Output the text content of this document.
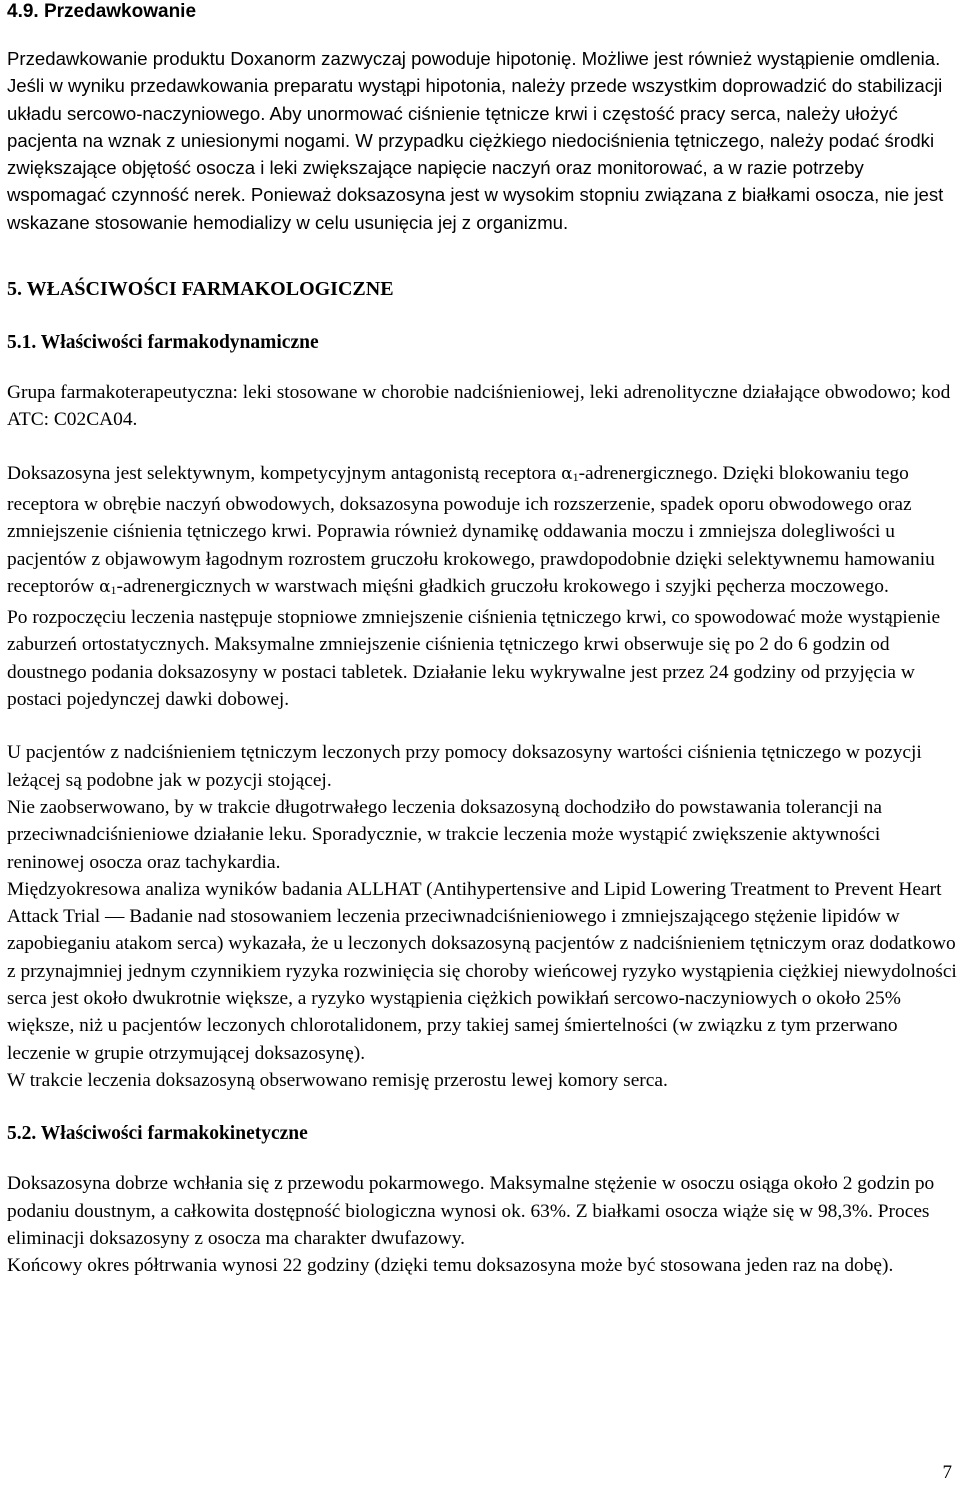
4.9. Przedawkowanie

Przedawkowanie produktu Doxanorm zazwyczaj powoduje hipotonię. Możliwe jest również wystąpienie omdlenia.

Jeśli w wyniku przedawkowania preparatu wystąpi hipotonia, należy przede wszystkim doprowadzić do stabilizacji układu sercowo-naczyniowego. Aby unormować ciśnienie tętnicze krwi i częstość pracy serca, należy ułożyć pacjenta na wznak z uniesionymi nogami. W przypadku ciężkiego niedociśnienia tętniczego, należy podać środki zwiększające objętość osocza i leki zwiększające napięcie naczyń oraz monitorować, a w razie potrzeby wspomagać czynność nerek. Ponieważ doksazosyna jest w wysokim stopniu związana z białkami osocza, nie jest wskazane stosowanie hemodializy w celu usunięcia jej z organizmu.

5. WŁAŚCIWOŚCI FARMAKOLOGICZNE
5.1. Właściwości farmakodynamiczne

Grupa farmakoterapeutyczna: leki stosowane w chorobie nadciśnieniowej, leki adrenolityczne działające obwodowo; kod ATC: C02CA04.

Doksazosyna jest selektywnym, kompetycyjnym antagonistą receptora α1-adrenergicznego. Dzięki blokowaniu tego receptora w obrębie naczyń obwodowych, doksazosyna powoduje ich rozszerzenie, spadek oporu obwodowego oraz zmniejszenie ciśnienia tętniczego krwi. Poprawia również dynamikę oddawania moczu i zmniejsza dolegliwości u pacjentów z objawowym łagodnym rozrostem gruczołu krokowego, prawdopodobnie dzięki selektywnemu hamowaniu receptorów α1-adrenergicznych w warstwach mięśni gładkich gruczołu krokowego i szyjki pęcherza moczowego.

Po rozpoczęciu leczenia następuje stopniowe zmniejszenie ciśnienia tętniczego krwi, co spowodować może wystąpienie zaburzeń ortostatycznych. Maksymalne zmniejszenie ciśnienia tętniczego krwi obserwuje się po 2 do 6 godzin od doustnego podania doksazosyny w postaci tabletek. Działanie leku wykrywalne jest przez 24 godziny od przyjęcia w postaci pojedynczej dawki dobowej.

U pacjentów z nadciśnieniem tętniczym leczonych przy pomocy doksazosyny wartości ciśnienia tętniczego w pozycji leżącej są podobne jak w pozycji stojącej.

Nie zaobserwowano, by w trakcie długotrwałego leczenia doksazosyną dochodziło do powstawania tolerancji na przeciwnadciśnieniowe działanie leku. Sporadycznie, w trakcie leczenia może wystąpić zwiększenie aktywności reninowej osocza oraz tachykardia.

Międzyokresowa analiza wyników badania ALLHAT (Antihypertensive and Lipid Lowering Treatment to Prevent Heart Attack Trial ― Badanie nad stosowaniem leczenia przeciwnadciśnieniowego i zmniejszającego stężenie lipidów w zapobieganiu atakom serca) wykazała, że u leczonych doksazosyną pacjentów z nadciśnieniem tętniczym oraz dodatkowo z przynajmniej jednym czynnikiem ryzyka rozwinięcia się choroby wieńcowej ryzyko wystąpienia ciężkiej niewydolności serca jest około dwukrotnie większe, a ryzyko wystąpienia ciężkich powikłań sercowo-naczyniowych o około 25% większe, niż u pacjentów leczonych chlorotalidonem, przy takiej samej śmiertelności (w związku z tym przerwano leczenie w grupie otrzymującej doksazosynę).

W trakcie leczenia doksazosyną obserwowano remisję przerostu lewej komory serca.

5.2. Właściwości farmakokinetyczne

Doksazosyna dobrze wchłania się z przewodu pokarmowego. Maksymalne stężenie w osoczu osiąga około 2 godzin po podaniu doustnym, a całkowita dostępność biologiczna wynosi ok. 63%. Z białkami osocza wiąże się w 98,3%. Proces eliminacji doksazosyny z osocza ma charakter dwufazowy.

Końcowy okres półtrwania wynosi 22 godziny (dzięki temu doksazosyna może być stosowana jeden raz na dobę).

7
